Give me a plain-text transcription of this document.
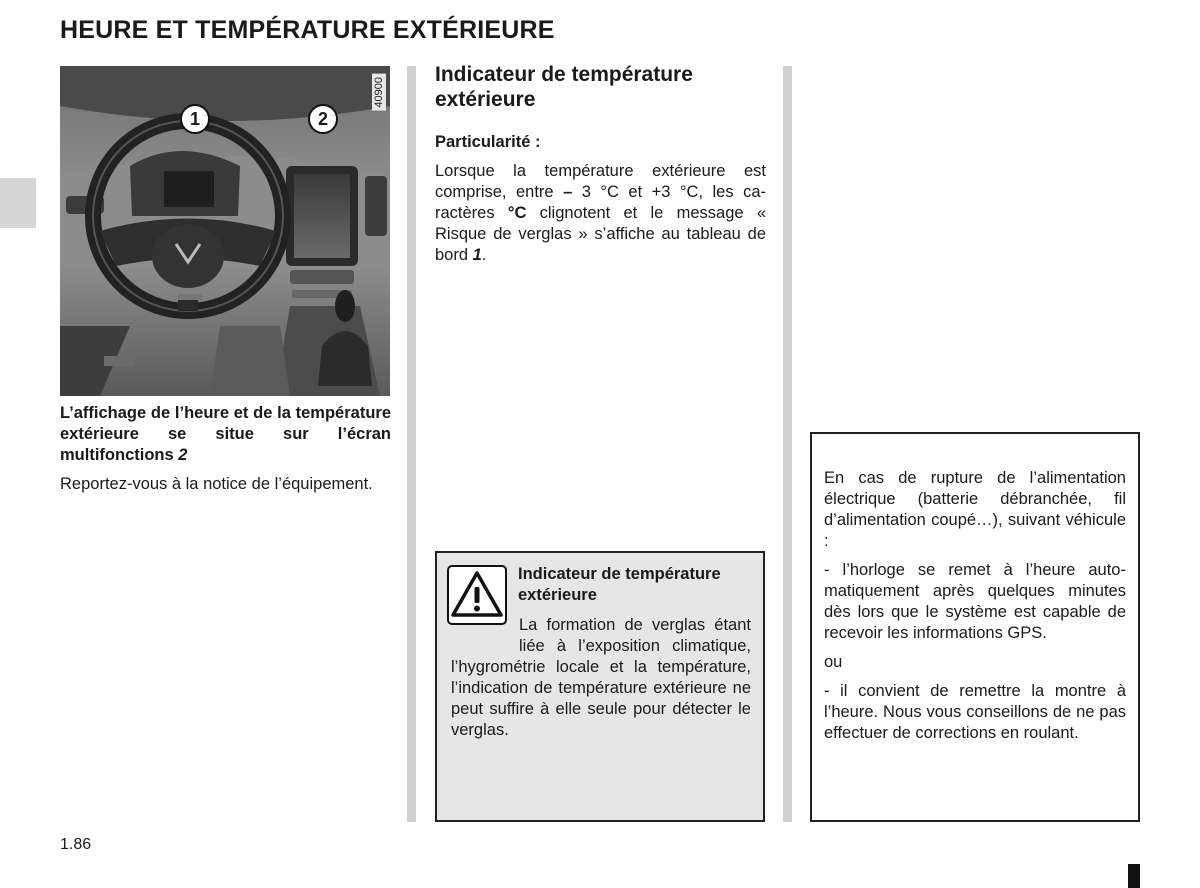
HEURE ET TEMPÉRATURE EXTÉRIEURE
40900
1	2
L’affichage de l’heure et de la température extérieure se situe sur l’écran multifonctions 2
Reportez-vous à la notice de l’équipement.
Indicateur de température extérieure
Particularité :
Lorsque la température extérieure est comprise, entre – 3 °C et +3 °C, les caractères °C clignotent et le message « Risque de verglas » s’affiche au tableau de bord 1.
Indicateur de température extérieure
La formation de verglas étant liée à l’exposition climatique, l’hygrométrie locale et la température, l’indication de température extérieure ne peut suffire à elle seule pour détecter le verglas.

En cas de rupture de l’alimentation électrique (batterie débranchée, fil d’alimentation coupé…), suivant véhicule :

- l’horloge se remet à l’heure automatiquement après quelques minutes dès lors que le système est capable de recevoir les informations GPS.

ou

- il convient de remettre la montre à l’heure. Nous vous conseillons de ne pas effectuer de corrections en roulant.

1.86
